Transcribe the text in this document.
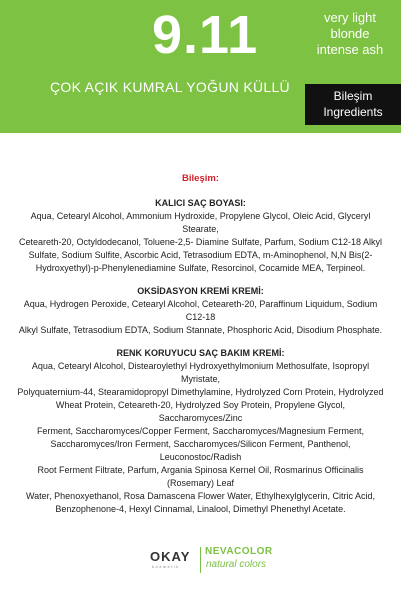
9.11	very light
blonde
intense ash
ÇOK AÇIK KUMRAL YOĞUN KÜLLÜ
Bileşim
Ingredients
Bileşim:
KALICI SAÇ BOYASI:

Aqua, Cetearyl Alcohol, Ammonium Hydroxide, Propylene Glycol, Oleic Acid, Glyceryl Stearate,

Ceteareth-20, Octyldodecanol, Toluene-2,5- Diamine Sulfate, Parfum, Sodium C12-18 Alkyl

Sulfate, Sodium Sulfite, Ascorbic Acid, Tetrasodium EDTA, m-Aminophenol, N,N Bis(2-

Hydroxyethyl)-p-Phenylenediamine Sulfate, Resorcinol, Cocamide MEA, Terpineol.

OKSİDASYON KREMİ KREMİ:

Aqua, Hydrogen Peroxide, Cetearyl Alcohol, Ceteareth-20, Paraffinum Liquidum, Sodium C12-18

Alkyl Sulfate, Tetrasodium EDTA, Sodium Stannate, Phosphoric Acid, Disodium Phosphate.

RENK KORUYUCU SAÇ BAKIM KREMİ:

Aqua, Cetearyl Alcohol, Distearoylethyl Hydroxyethylmonium Methosulfate, Isopropyl Myristate,

Polyquaternium-44, Stearamidopropyl Dimethylamine, Hydrolyzed Corn Protein, Hydrolyzed

Wheat Protein, Ceteareth-20, Hydrolyzed Soy Protein, Propylene Glycol, Saccharomyces/Zinc

Ferment, Saccharomyces/Copper Ferment, Saccharomyces/Magnesium Ferment,

Saccharomyces/Iron Ferment, Saccharomyces/Silicon Ferment, Panthenol, Leuconostoc/Radish

Root Ferment Filtrate, Parfum, Argania Spinosa Kernel Oil, Rosmarinus Officinalis (Rosemary) Leaf

Water, Phenoxyethanol, Rosa Damascena Flower Water, Ethylhexylglycerin, Citric Acid,

Benzophenone-4, Hexyl Cinnamal, Linalool, Dimethyl Phenethyl Acetate.

OKAY
kozmetik
NEVACOLOR
natural colors
